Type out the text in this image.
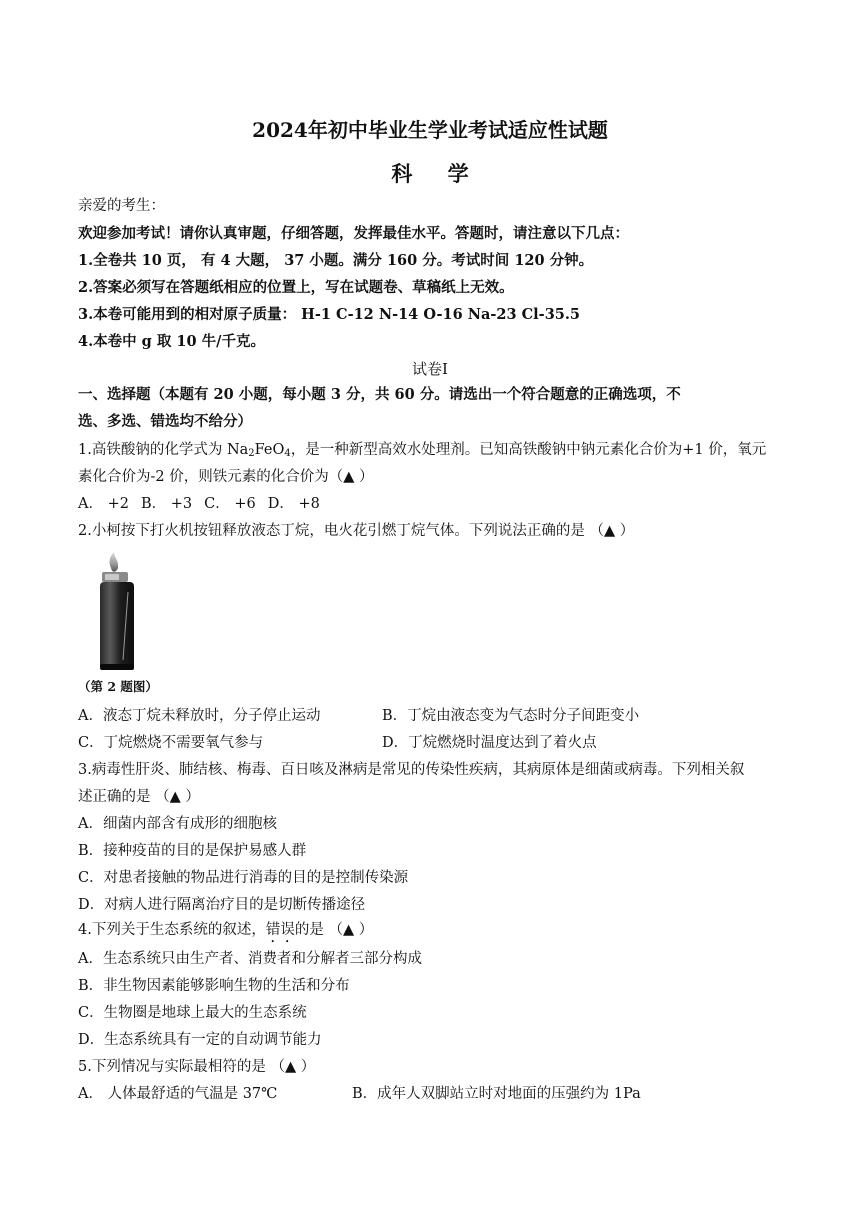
2024年初中毕业生学业考试适应性试题
科 学
亲爱的考生：
欢迎参加考试！请你认真审题，仔细答题，发挥最佳水平。答题时，请注意以下几点：
1.全卷共 10 页， 有 4 大题， 37 小题。满分 160 分。考试时间 120 分钟。
2.答案必须写在答题纸相应的位置上，写在试题卷、草稿纸上无效。
3.本卷可能用到的相对原子质量： H-1 C-12 N-14 O-16 Na-23 Cl-35.5
4.本卷中 g 取 10 牛/千克。
试卷Ⅰ
一、选择题（本题有 20 小题，每小题 3 分，共 60 分。请选出一个符合题意的正确选项，不
选、多选、错选均不给分）
1.高铁酸钠的化学式为 $Na_2FeO_4$，是一种新型高效水处理剂。已知高铁酸钠中钠元素化合价为+1 价，氧元
素化合价为-2 价，则铁元素的化合价为（▲ ）
A． +2 B． +3 C． +6 D． +8
2.小柯按下打火机按钮释放液态丁烷，电火花引燃丁烷气体。下列说法正确的是 （▲ ）
（第 2 题图）
A．液态丁烷未释放时，分子停止运动	B．丁烷由液态变为气态时分子间距变小
C．丁烷燃烧不需要氧气参与	D．丁烷燃烧时温度达到了着火点
3.病毒性肝炎、肺结核、梅毒、百日咳及淋病是常见的传染性疾病，其病原体是细菌或病毒。下列相关叙
述正确的是 （▲ ）
A．细菌内部含有成形的细胞核
B．接种疫苗的目的是保护易感人群
C．对患者接触的物品进行消毒的目的是控制传染源
D．对病人进行隔离治疗目的是切断传播途径
4.下列关于生态系统的叙述，错误的是 （▲ ）
A．生态系统只由生产者、消费者和分解者三部分构成
B．非生物因素能够影响生物的生活和分布
C．生物圈是地球上最大的生态系统
D．生态系统具有一定的自动调节能力
5.下列情况与实际最相符的是 （▲ ）
A． 人体最舒适的气温是 37℃	B．成年人双脚站立时对地面的压强约为 1Pa
